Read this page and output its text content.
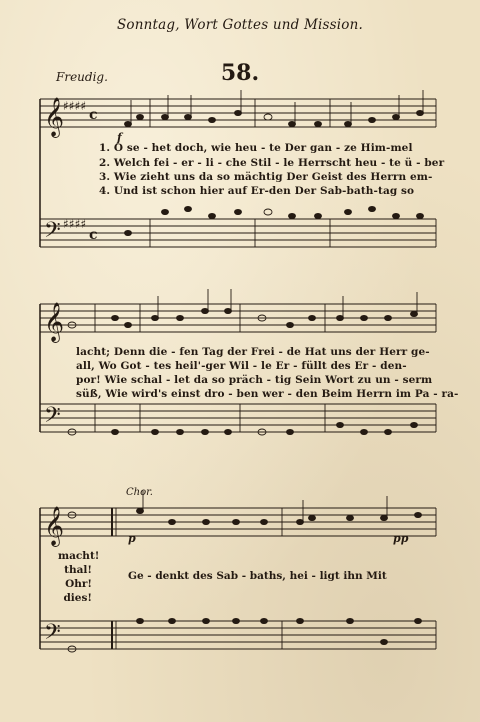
Sonntag, Wort Gottes und Mission.
58.
Freudig.
𝄞
𝄢
♯♯♯♯
♯♯♯♯
c
c
𝄞
𝄢
𝄞
𝄢
f
1. O se - het doch, wie heu - te Der gan - ze Him-mel
2. Welch fei - er - li - che Stil - le Herrscht heu - te ü - ber
3. Wie zieht uns da so mächtig Der Geist des Herrn em-
4. Und ist schon hier auf Er-den Der Sab-bath-tag so
lacht; Denn die - fen Tag der Frei - de Hat uns der Herr ge-
all, Wo Got - tes heil'-ger Wil - le Er - füllt des Er - den-
por! Wie schal - let da so präch - tig Sein Wort zu un - serm
süß, Wie wird's einst dro - ben wer - den Beim Herrn im Pa - ra-
Chor.
p	pp
macht!
thal!
Ohr!
dies!
Ge - denkt des Sab - baths, hei - ligt ihn Mit
